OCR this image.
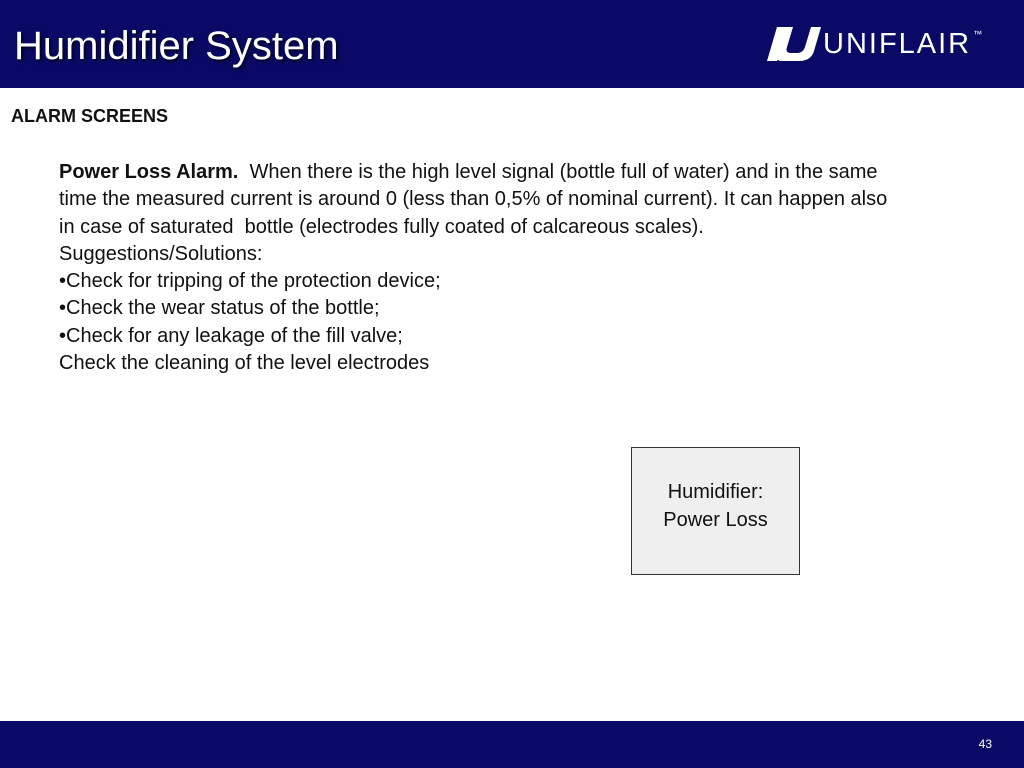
Humidifier System	UNIFLAIR ™
ALARM SCREENS

Power Loss Alarm.  When there is the high level signal (bottle full of water) and in the same time the measured current is around 0 (less than 0,5% of nominal current). It can happen also in case of saturated  bottle (electrodes fully coated of calcareous scales). Suggestions/Solutions:

•Check for tripping of the protection device;

•Check the wear status of the bottle;

•Check for any leakage of the fill valve;

Check the cleaning of the level electrodes

Humidifier:
Power Loss
43
